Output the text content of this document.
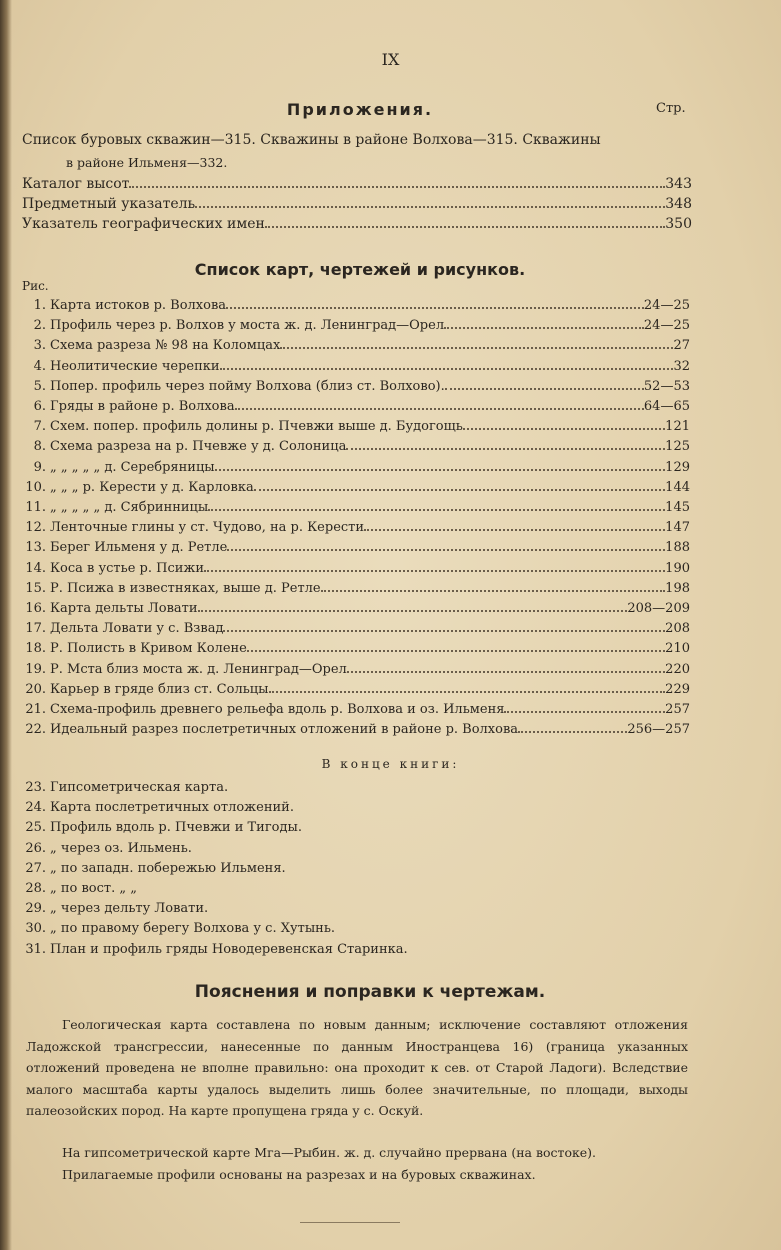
IX
Приложения.	Стр.
Список буровых скважин—315. Скважины в районе Волхова—315. Скважины
в районе Ильменя—332.
Каталог высот	343
Предметный указатель	348
Указатель географических имен	350
Список карт, чертежей и рисунков.
Рис.
1. Карта истоков р. Волхова	24—25
2. Профиль через р. Волхов у моста ж. д. Ленинград—Орел	24—25
3. Схема разреза № 98 на Коломцах	27
4. Неолитические черепки	32
5. Попер. профиль через пойму Волхова (близ ст. Волхово).	52—53
6. Гряды в районе р. Волхова	64—65
7. Схем. попер. профиль долины р. Пчевжи выше д. Будогощь	121
8. Схема разреза на р. Пчевже у д. Солоница	125
9. „ „ „ „ „ д. Серебряницы	129
10. „ „ „ р. Керести у д. Карловка	144
11. „ „ „ „ „ д. Сябринницы	145
12. Ленточные глины у ст. Чудово, на р. Керести	147
13. Берег Ильменя у д. Ретле	188
14. Коса в устье р. Псижи	190
15. Р. Псижа в известняках, выше д. Ретле	198
16. Карта дельты Ловати	208—209
17. Дельта Ловати у с. Взвад	208
18. Р. Полисть в Кривом Колене	210
19. Р. Мста близ моста ж. д. Ленинград—Орел	220
20. Карьер в гряде близ ст. Сольцы	229
21. Схема-профиль древнего рельефа вдоль р. Волхова и оз. Ильменя	257
22. Идеальный разрез послетретичных отложений в районе р. Волхова	256—257
В конце книги:
23. Гипсометрическая карта.
24. Карта послетретичных отложений.
25. Профиль вдоль р. Пчевжи и Тигоды.
26. „ через оз. Ильмень.
27. „ по западн. побережью Ильменя.
28. „ по вост. „ „
29. „ через дельту Ловати.
30. „ по правому берегу Волхова у с. Хутынь.
31. План и профиль гряды Новодеревенская Старинка.
Пояснения и поправки к чертежам.
Геологическая карта составлена по новым данным; исключение составляют отложения Ладожской трансгрессии, нанесенные по данным Иностранцева 16) (граница указанных отложений проведена не вполне правильно: она проходит к сев. от Старой Ладоги). Вследствие малого масштаба карты удалось выделить лишь более значительные, по площади, выходы палеозойских пород. На карте пропущена гряда у с. Оскуй.
На гипсометрической карте Мга—Рыбин. ж. д. случайно прервана (на востоке).
Прилагаемые профили основаны на разрезах и на буровых скважинах.
